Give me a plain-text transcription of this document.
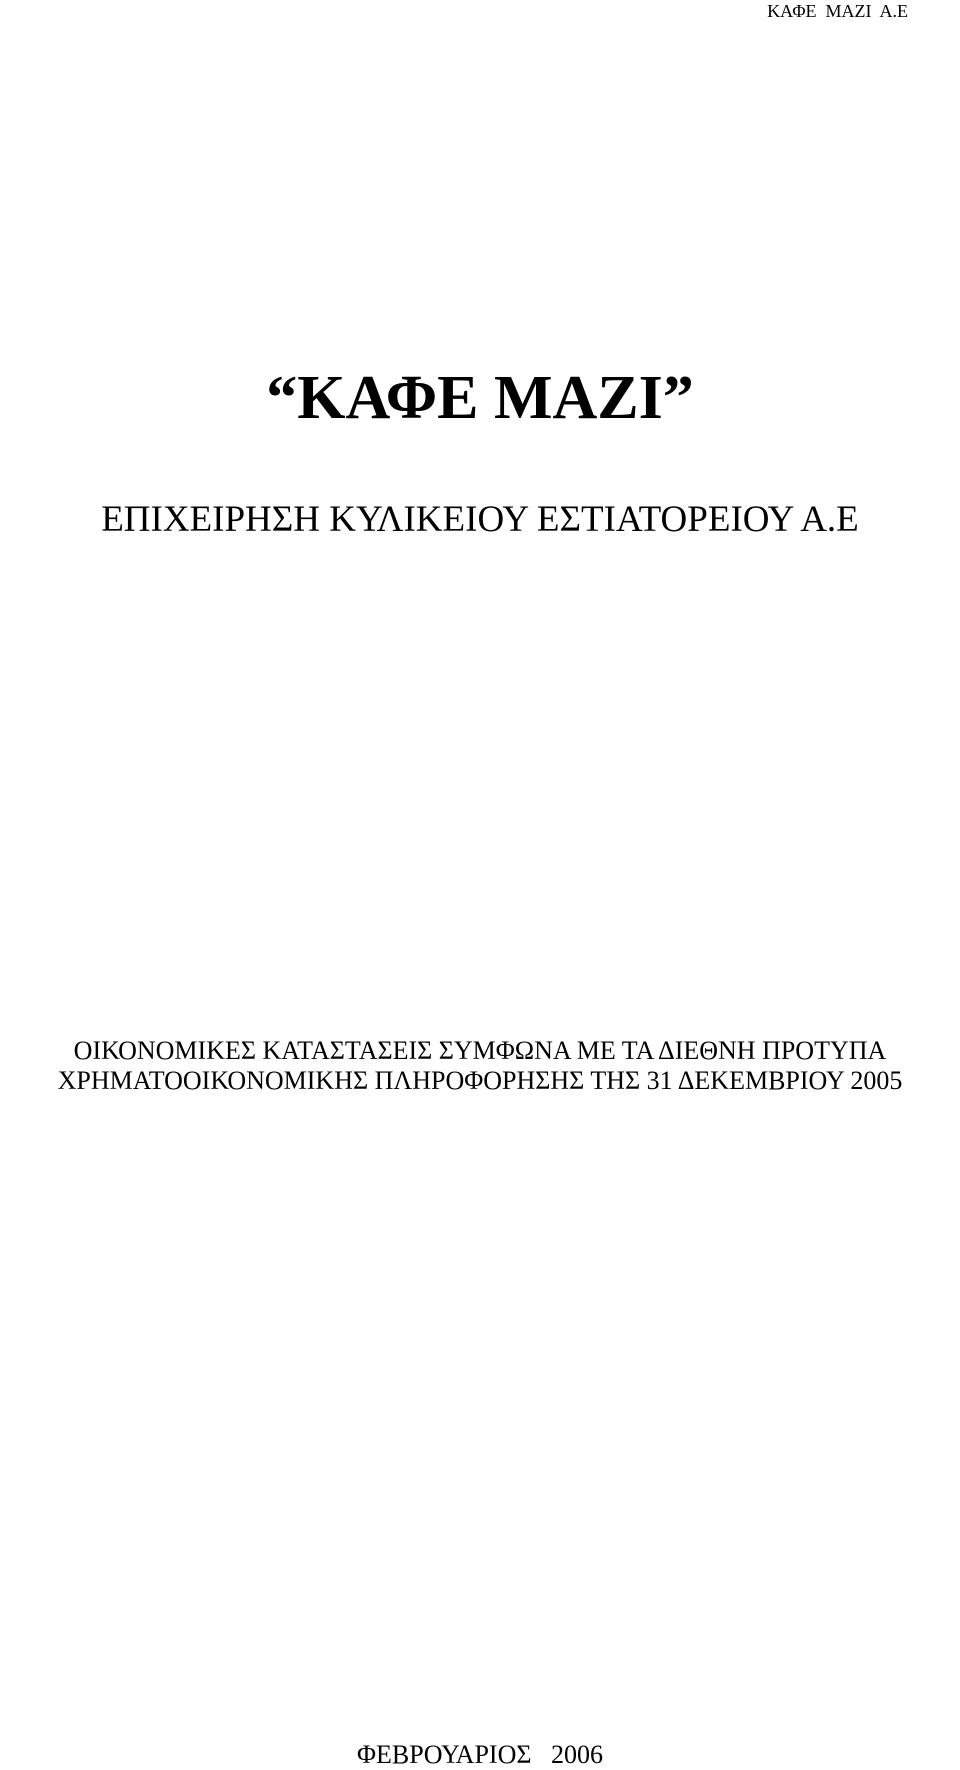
ΚΑΦΕ  ΜΑΖΙ  Α.Ε
“ΚΑΦΕ ΜΑΖΙ”
ΕΠΙΧΕΙΡΗΣΗ ΚΥΛΙΚΕΙΟΥ ΕΣΤΙΑΤΟΡΕΙΟΥ Α.Ε
ΟΙΚΟΝΟΜΙΚΕΣ ΚΑΤΑΣΤΑΣΕΙΣ ΣΥΜΦΩΝΑ ΜΕ ΤΑ ΔΙΕΘΝΗ ΠΡΟΤΥΠΑ
ΧΡΗΜΑΤΟΟΙΚΟΝΟΜΙΚΗΣ ΠΛΗΡΟΦΟΡΗΣΗΣ ΤΗΣ 31 ΔΕΚΕΜΒΡΙΟΥ 2005
ΦΕΒΡΟΥΑΡΙΟΣ   2006
